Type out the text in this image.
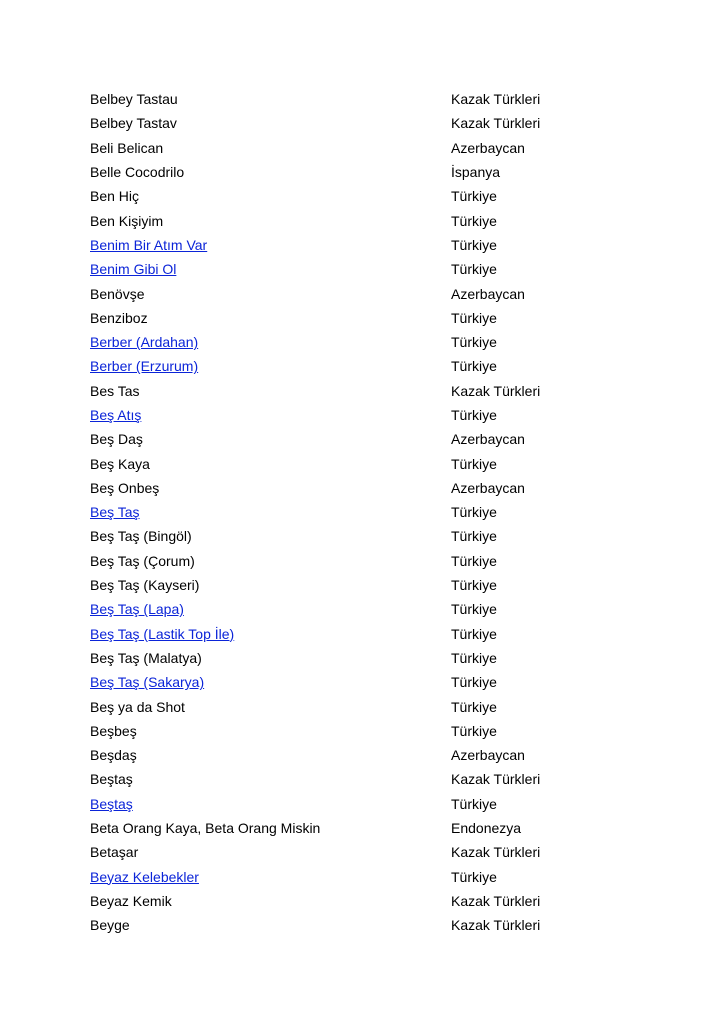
Belbey Tastau	Kazak Türkleri
Belbey Tastav	Kazak Türkleri
Beli Belican	Azerbaycan
Belle Cocodrilo	İspanya
Ben Hiç	Türkiye
Ben Kişiyim	Türkiye
Benim Bir Atım Var	Türkiye
Benim Gibi Ol	Türkiye
Benövşe	Azerbaycan
Benziboz	Türkiye
Berber (Ardahan)	Türkiye
Berber (Erzurum)	Türkiye
Bes Tas	Kazak Türkleri
Beş Atış	Türkiye
Beş Daş	Azerbaycan
Beş Kaya	Türkiye
Beş Onbeş	Azerbaycan
Beş Taş	Türkiye
Beş Taş (Bingöl)	Türkiye
Beş Taş (Çorum)	Türkiye
Beş Taş (Kayseri)	Türkiye
Beş Taş (Lapa)	Türkiye
Beş Taş (Lastik Top İle)	Türkiye
Beş Taş (Malatya)	Türkiye
Beş Taş (Sakarya)	Türkiye
Beş ya da Shot	Türkiye
Beşbeş	Türkiye
Beşdaş	Azerbaycan
Beştaş	Kazak Türkleri
Beştaş	Türkiye
Beta Orang Kaya, Beta Orang Miskin	Endonezya
Betaşar	Kazak Türkleri
Beyaz Kelebekler	Türkiye
Beyaz Kemik	Kazak Türkleri
Beyge	Kazak Türkleri
